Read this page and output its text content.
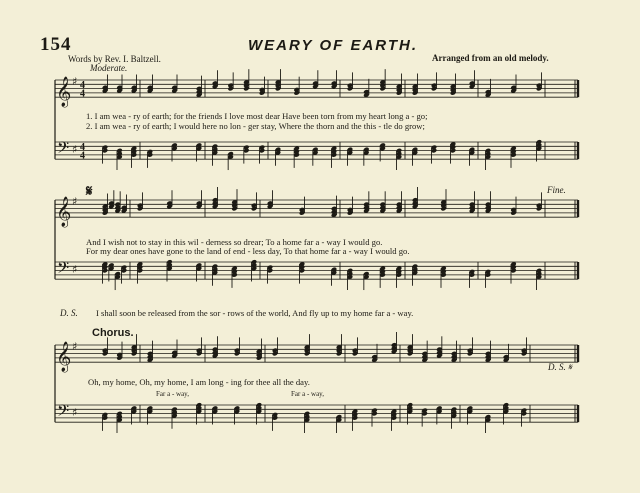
𝄞
𝄢
♯
♯
4
4
4
4
𝄞
𝄢
♯
♯
𝄞
𝄢
♯
♯
154	WEARY OF EARTH.
Words by Rev. I. Baltzell.	Arranged from an old melody.
Moderate.
1. I am wea - ry of earth; for the friends I love most dear Have been torn from my heart long a - go;
2. I am wea - ry of earth; I would here no lon - ger stay, Where the thorn and the this - tle do grow;
𝄋	Fine.
And I wish not to stay in this wil - derness so drear; To a home far a - way I would go.
For my dear ones have gone to the land of end - less day, To that home far a - way I would go.
D. S. I shall soon be released from the sor - rows of the world, And fly up to my home far a - way.
Chorus.
D. S. 𝄋
Oh, my home, Oh, my home, I am long - ing for thee all the day.
Far a - way,	Far a - way,
